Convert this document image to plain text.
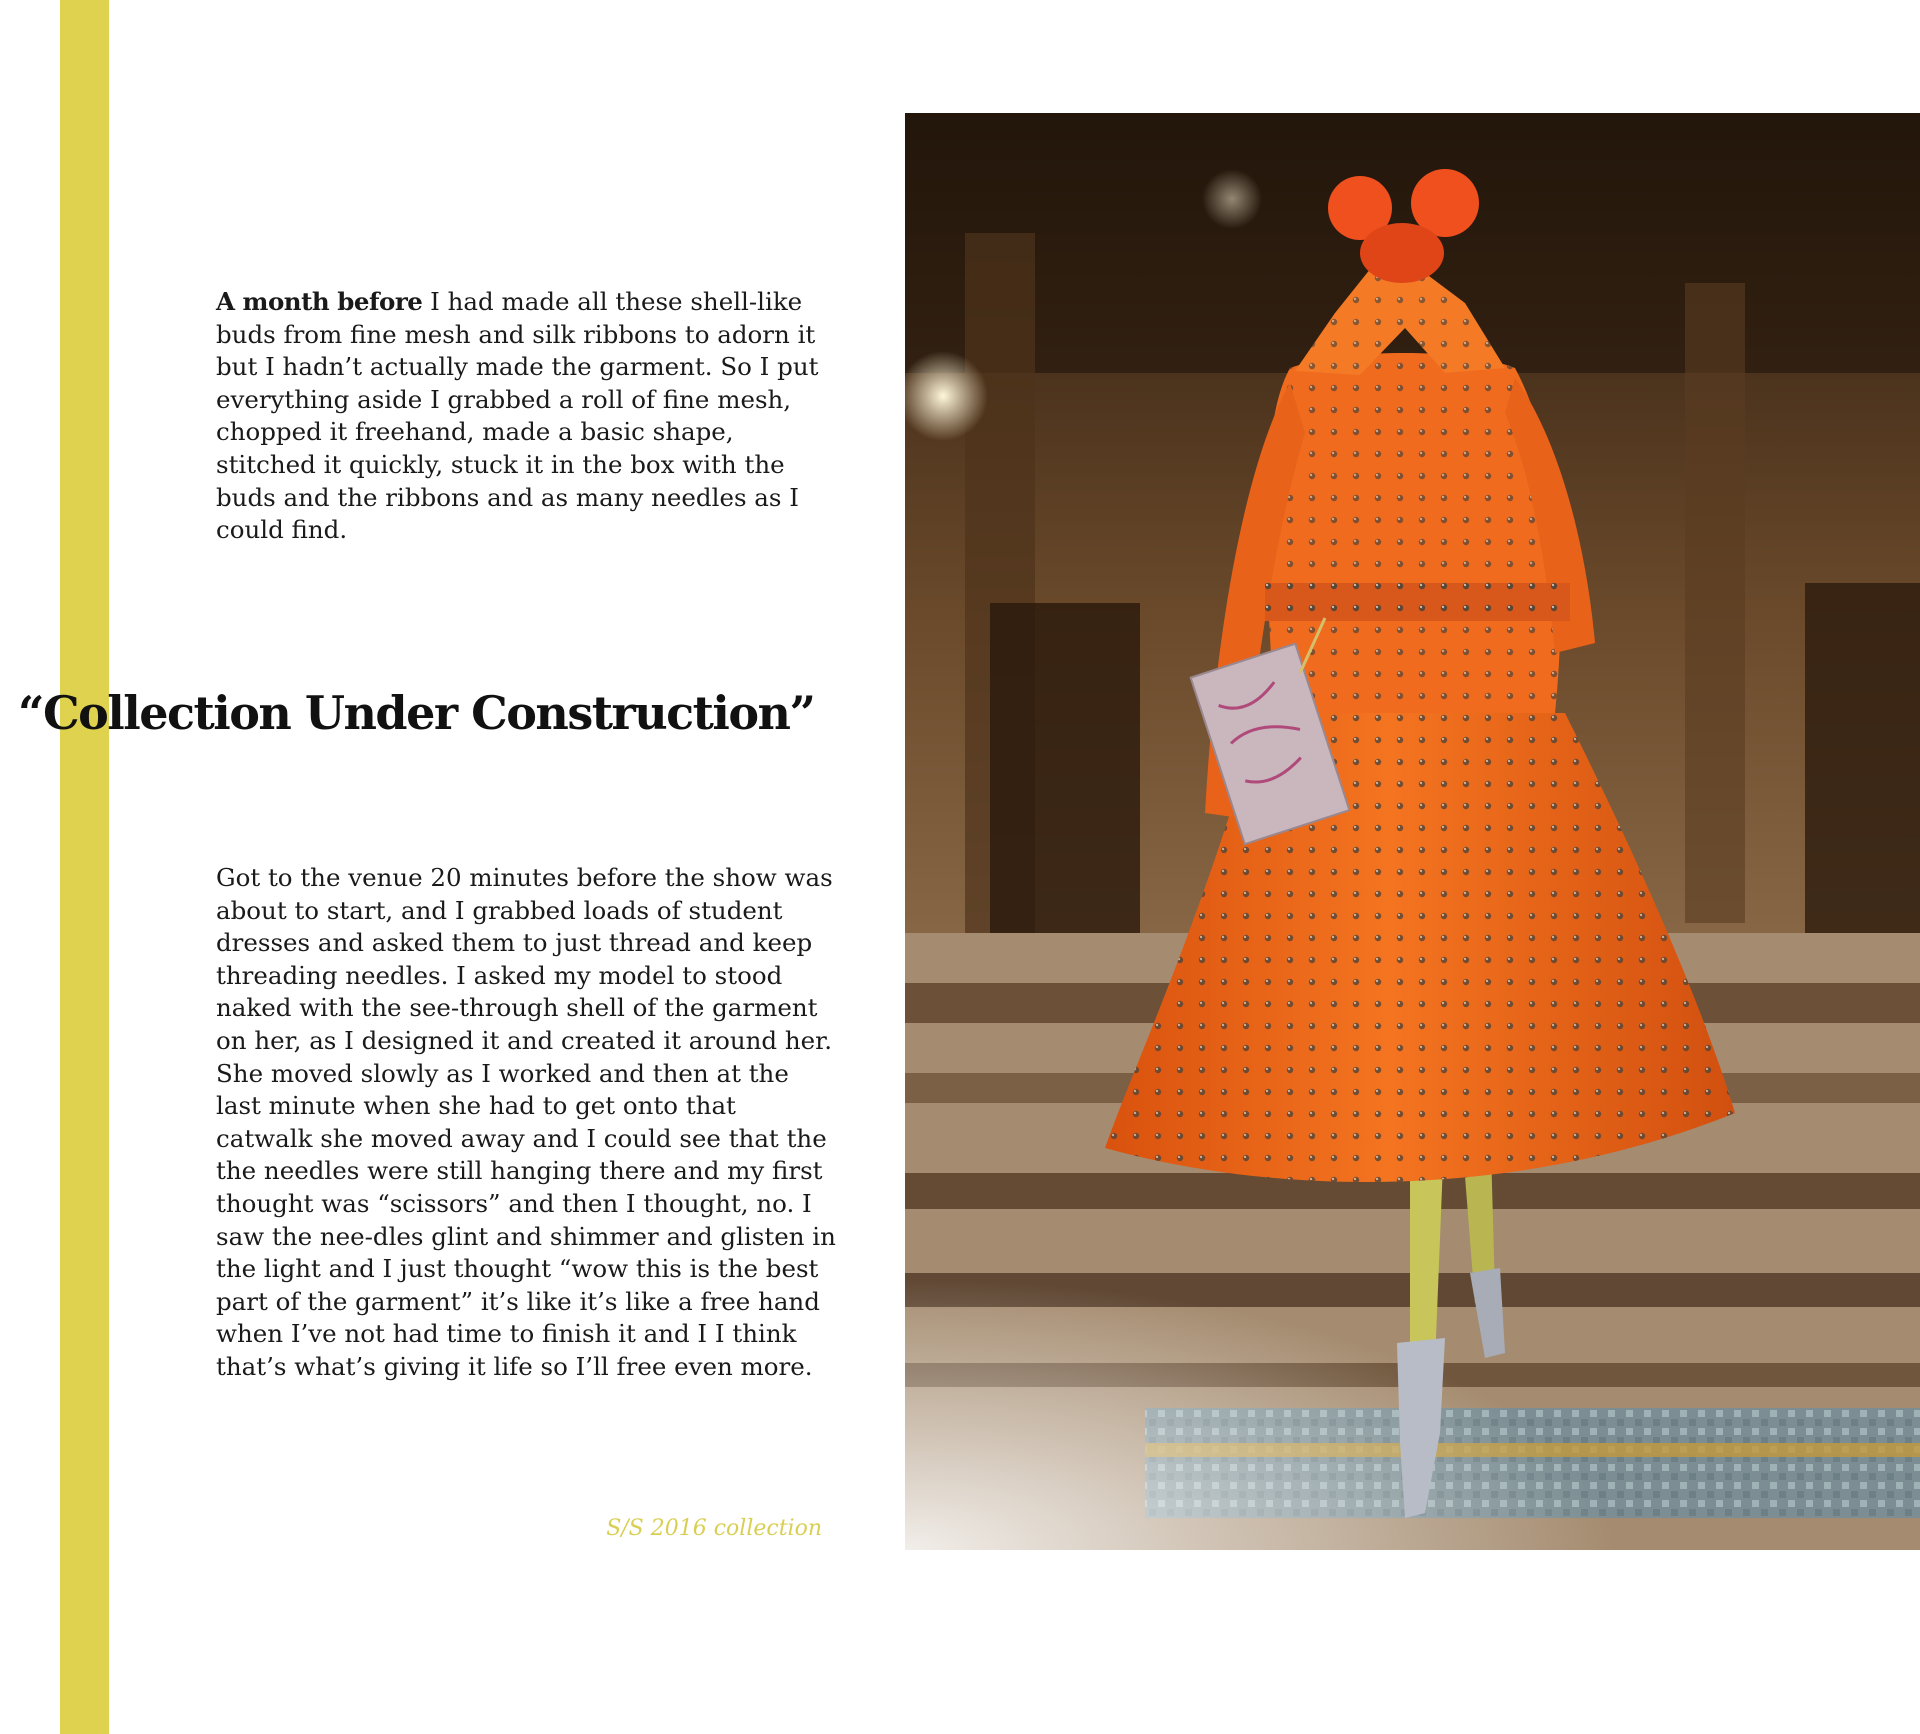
A month before I had made all these shell-like buds from fine mesh and silk ribbons to adorn it but I hadn’t actually made the garment. So I put everything aside I grabbed a roll of fine mesh, chopped it freehand, made a basic shape, stitched it quickly, stuck it in the box with the buds and the ribbons and as many needles as I could find.

“Collection Under Construction”

Got to the venue 20 minutes before the show was about to start, and I grabbed loads of student dresses and asked them to just thread and keep threading needles. I asked my model to stood naked with the see-through shell of the garment on her, as I designed it and created it around her. She moved slowly as I worked and then at the last minute when she had to get onto that catwalk she moved away and I could see that the the needles were still hanging there and my first thought was “scissors” and then I thought, no. I saw the nee-dles glint and shimmer and glisten in the light and I just thought “wow this is the best part of the garment” it’s like it’s like a free hand when I’ve not had time to finish it and I I think that’s what’s giving it life so I’ll free even more.

S/S 2016 collection
